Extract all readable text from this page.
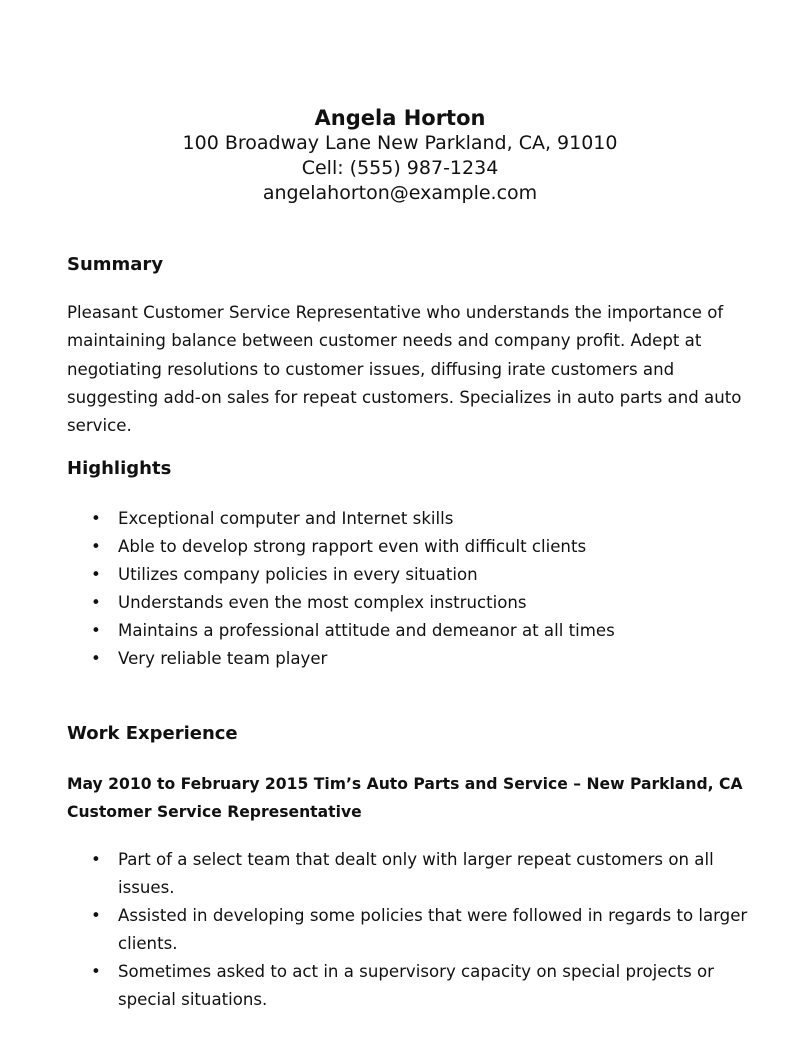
Angela Horton

100 Broadway Lane New Parkland, CA, 91010

Cell: (555) 987-1234

angelahorton@example.com

Summary

Pleasant Customer Service Representative who understands the importance of maintaining balance between customer needs and company profit. Adept at negotiating resolutions to customer issues, diffusing irate customers and suggesting add-on sales for repeat customers. Specializes in auto parts and auto service.

Highlights
• Exceptional computer and Internet skills
• Able to develop strong rapport even with difficult clients
• Utilizes company policies in every situation
• Understands even the most complex instructions
• Maintains a professional attitude and demeanor at all times
• Very reliable team player
Work Experience

May 2010 to February 2015 Tim’s Auto Parts and Service – New Parkland, CA

Customer Service Representative

• Part of a select team that dealt only with larger repeat customers on all issues.
• Assisted in developing some policies that were followed in regards to larger clients.
• Sometimes asked to act in a supervisory capacity on special projects or special situations.
